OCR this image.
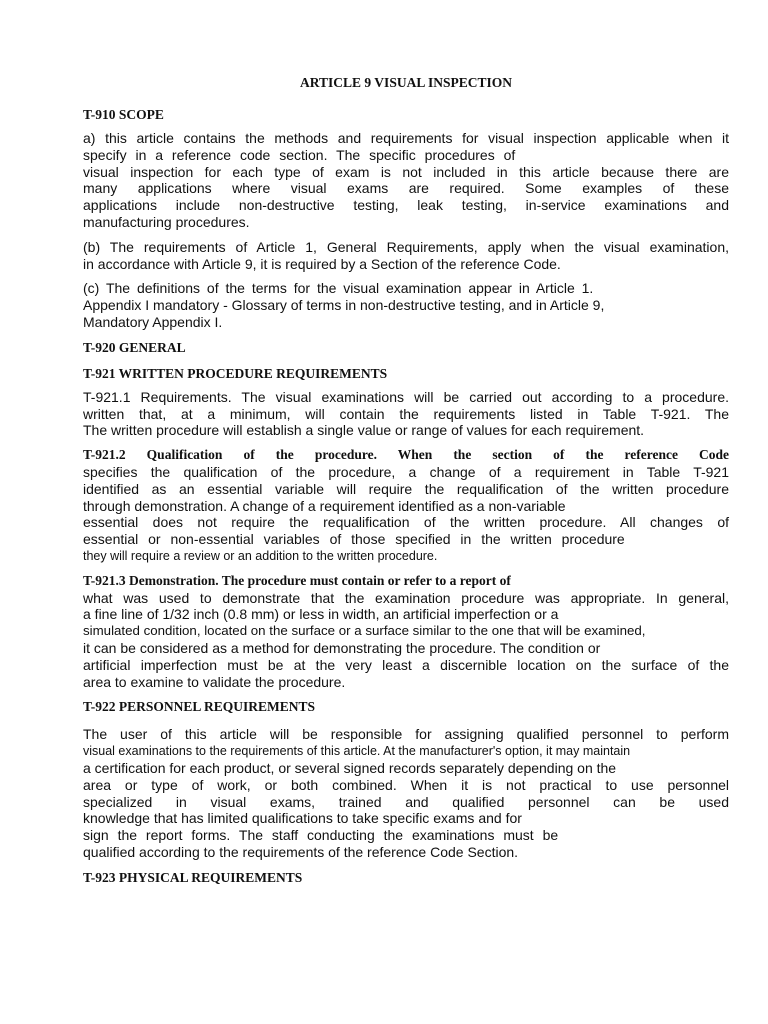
ARTICLE 9 VISUAL INSPECTION
T-910 SCOPE
a) this article contains the methods and requirements for visual inspection applicable when it
specify in a reference code section. The specific procedures of
visual inspection for each type of exam is not included in this article because there are
many applications where visual exams are required. Some examples of these
applications include non-destructive testing, leak testing, in-service examinations and
manufacturing procedures.
(b) The requirements of Article 1, General Requirements, apply when the visual examination,
in accordance with Article 9, it is required by a Section of the reference Code.
(c) The definitions of the terms for the visual examination appear in Article 1.
Appendix I mandatory - Glossary of terms in non-destructive testing, and in Article 9,
Mandatory Appendix I.
T-920 GENERAL
T-921 WRITTEN PROCEDURE REQUIREMENTS
T-921.1 Requirements. The visual examinations will be carried out according to a procedure.
written that, at a minimum, will contain the requirements listed in Table T-921. The
The written procedure will establish a single value or range of values for each requirement.
T-921.2 Qualification of the procedure. When the section of the reference Code
specifies the qualification of the procedure, a change of a requirement in Table T-921
identified as an essential variable will require the requalification of the written procedure
through demonstration. A change of a requirement identified as a non-variable
essential does not require the requalification of the written procedure. All changes of
essential or non-essential variables of those specified in the written procedure
they will require a review or an addition to the written procedure.
T-921.3 Demonstration. The procedure must contain or refer to a report of
what was used to demonstrate that the examination procedure was appropriate. In general,
a fine line of 1/32 inch (0.8 mm) or less in width, an artificial imperfection or a
simulated condition, located on the surface or a surface similar to the one that will be examined,
it can be considered as a method for demonstrating the procedure. The condition or
artificial imperfection must be at the very least a discernible location on the surface of the
area to examine to validate the procedure.
T-922 PERSONNEL REQUIREMENTS
The user of this article will be responsible for assigning qualified personnel to perform
visual examinations to the requirements of this article. At the manufacturer's option, it may maintain
a certification for each product, or several signed records separately depending on the
area or type of work, or both combined. When it is not practical to use personnel
specialized in visual exams, trained and qualified personnel can be used
knowledge that has limited qualifications to take specific exams and for
sign the report forms. The staff conducting the examinations must be
qualified according to the requirements of the reference Code Section.
T-923 PHYSICAL REQUIREMENTS
